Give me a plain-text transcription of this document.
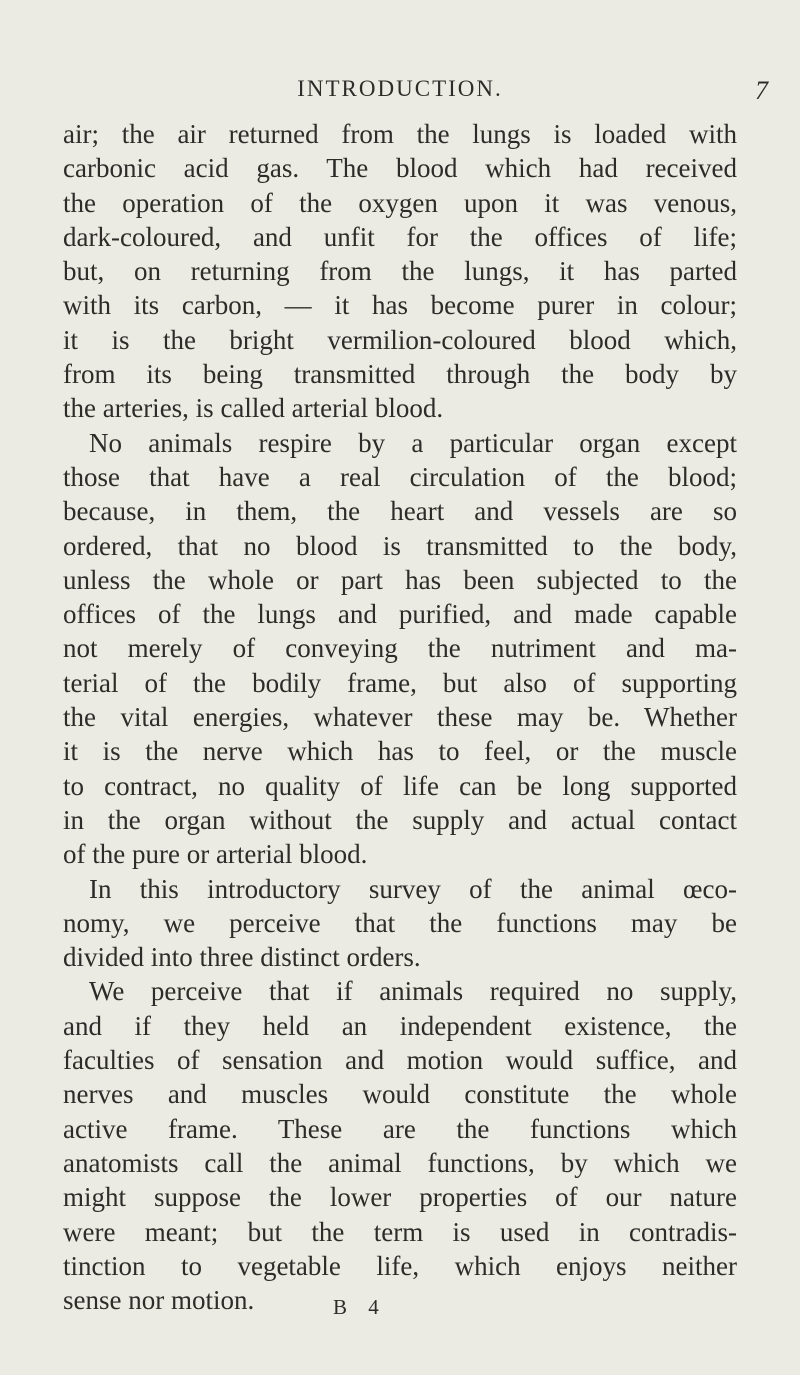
INTRODUCTION.	7
air; the air returned from the lungs is loaded with
carbonic acid gas. The blood which had received
the operation of the oxygen upon it was venous,
dark-coloured, and unfit for the offices of life;
but, on returning from the lungs, it has parted
with its carbon, — it has become purer in colour;
it is the bright vermilion-coloured blood which,
from its being transmitted through the body by
the arteries, is called arterial blood.
No animals respire by a particular organ except
those that have a real circulation of the blood;
because, in them, the heart and vessels are so
ordered, that no blood is transmitted to the body,
unless the whole or part has been subjected to the
offices of the lungs and purified, and made capable
not merely of conveying the nutriment and ma-
terial of the bodily frame, but also of supporting
the vital energies, whatever these may be. Whether
it is the nerve which has to feel, or the muscle
to contract, no quality of life can be long supported
in the organ without the supply and actual contact
of the pure or arterial blood.
In this introductory survey of the animal œco-
nomy, we perceive that the functions may be
divided into three distinct orders.
We perceive that if animals required no supply,
and if they held an independent existence, the
faculties of sensation and motion would suffice, and
nerves and muscles would constitute the whole
active frame. These are the functions which
anatomists call the animal functions, by which we
might suppose the lower properties of our nature
were meant; but the term is used in contradis-
tinction to vegetable life, which enjoys neither
sense nor motion.	B 4
